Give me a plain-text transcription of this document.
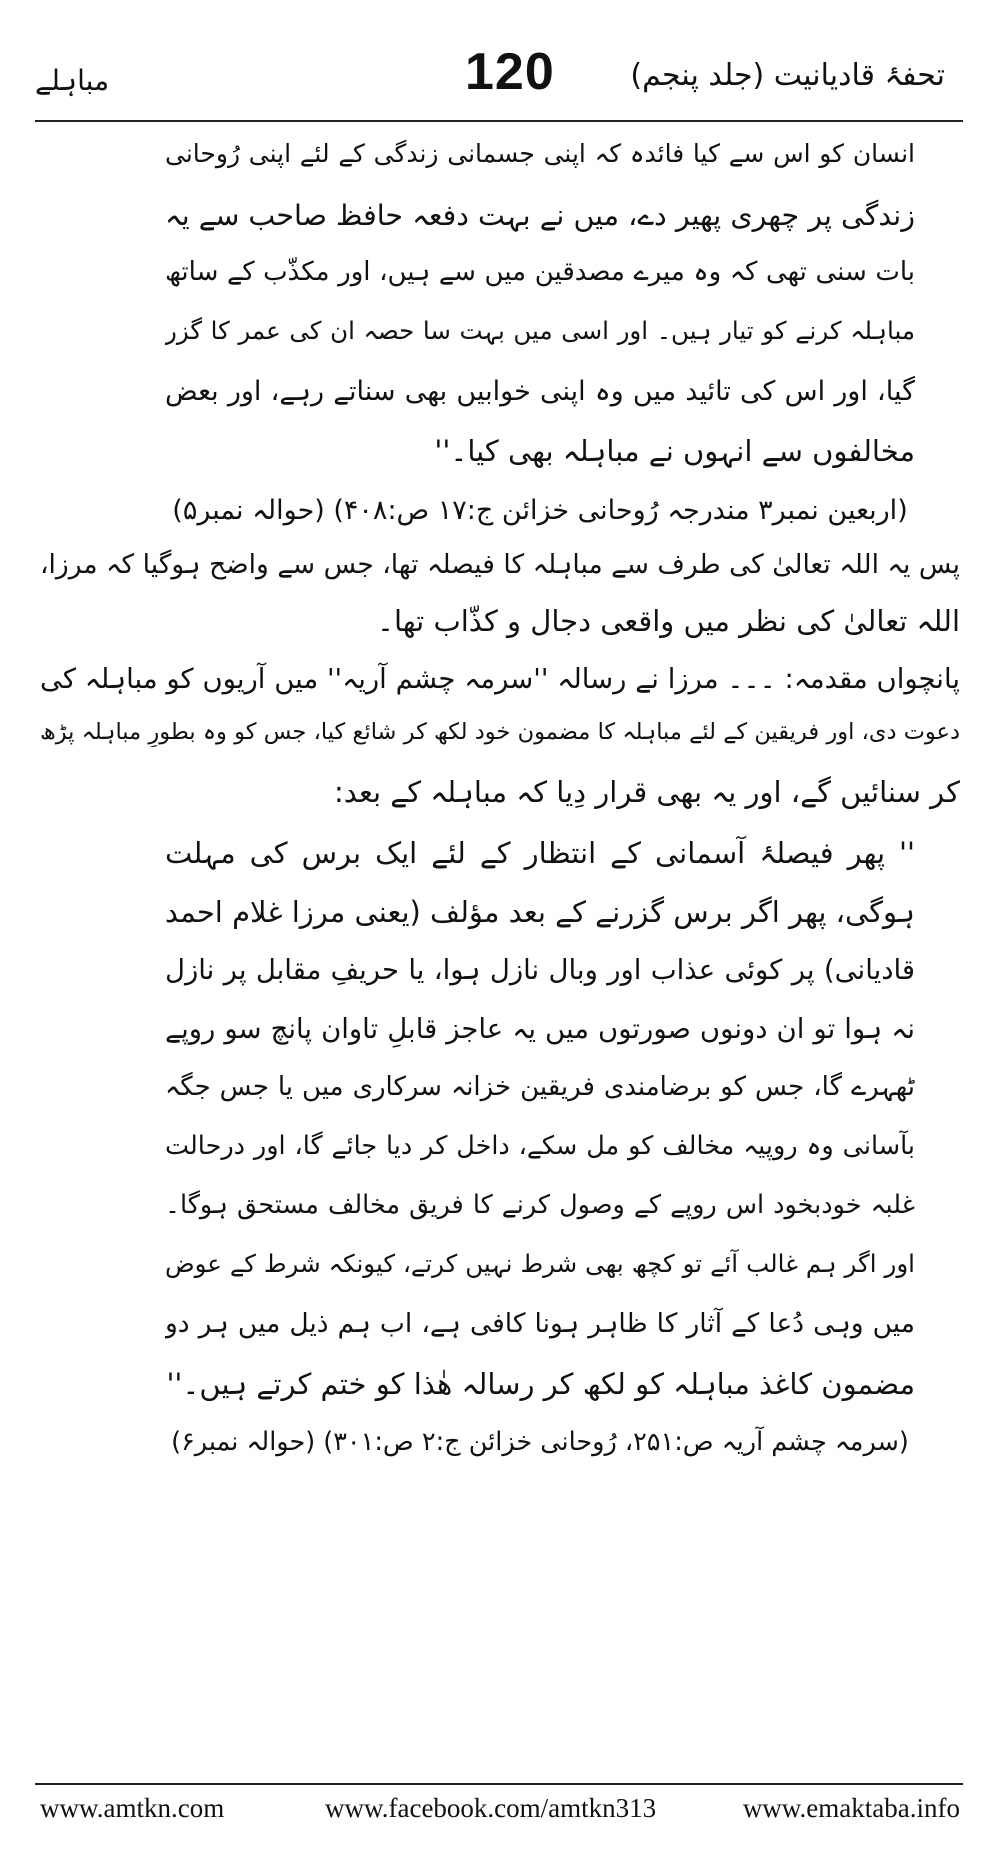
تحفۂ قادیانیت (جلد پنجم)
120
مباہلے
انسان کو اس سے کیا فائدہ کہ اپنی جسمانی زندگی کے لئے اپنی رُوحانی
زندگی پر چھری پھیر دے، میں نے بہت دفعہ حافظ صاحب سے یہ
بات سنی تھی کہ وہ میرے مصدقین میں سے ہیں، اور مکذّب کے ساتھ
مباہلہ کرنے کو تیار ہیں۔ اور اسی میں بہت سا حصہ ان کی عمر کا گزر
گیا، اور اس کی تائید میں وہ اپنی خوابیں بھی سناتے رہے، اور بعض
مخالفوں سے انہوں نے مباہلہ بھی کیا۔''
(اربعین نمبر۳ مندرجہ رُوحانی خزائن ج:۱۷ ص:۴۰۸) (حوالہ نمبر۵)
پس یہ اللہ تعالیٰ کی طرف سے مباہلہ کا فیصلہ تھا، جس سے واضح ہوگیا کہ مرزا،
اللہ تعالیٰ کی نظر میں واقعی دجال و کذّاب تھا۔
پانچواں مقدمہ: ۔۔۔ مرزا نے رسالہ ''سرمہ چشم آریہ'' میں آریوں کو مباہلہ کی
دعوت دی، اور فریقین کے لئے مباہلہ کا مضمون خود لکھ کر شائع کیا، جس کو وہ بطورِ مباہلہ پڑھ
کر سنائیں گے، اور یہ بھی قرار دِیا کہ مباہلہ کے بعد:
'' پھر فیصلۂ آسمانی کے انتظار کے لئے ایک برس کی مہلت
ہوگی، پھر اگر برس گزرنے کے بعد مؤلف (یعنی مرزا غلام احمد
قادیانی) پر کوئی عذاب اور وبال نازل ہوا، یا حریفِ مقابل پر نازل
نہ ہوا تو ان دونوں صورتوں میں یہ عاجز قابلِ تاوان پانچ سو روپے
ٹھہرے گا، جس کو برضامندی فریقین خزانہ سرکاری میں یا جس جگہ
بآسانی وہ روپیہ مخالف کو مل سکے، داخل کر دیا جائے گا، اور درحالت
غلبہ خودبخود اس روپے کے وصول کرنے کا فریق مخالف مستحق ہوگا۔
اور اگر ہم غالب آئے تو کچھ بھی شرط نہیں کرتے، کیونکہ شرط کے عوض
میں وہی دُعا کے آثار کا ظاہر ہونا کافی ہے، اب ہم ذیل میں ہر دو
مضمون کاغذ مباہلہ کو لکھ کر رسالہ ھٰذا کو ختم کرتے ہیں۔''
(سرمہ چشم آریہ ص:۲۵۱، رُوحانی خزائن ج:۲ ص:۳۰۱) (حوالہ نمبر۶)
www.amtkn.com	www.facebook.com/amtkn313	www.emaktaba.info
